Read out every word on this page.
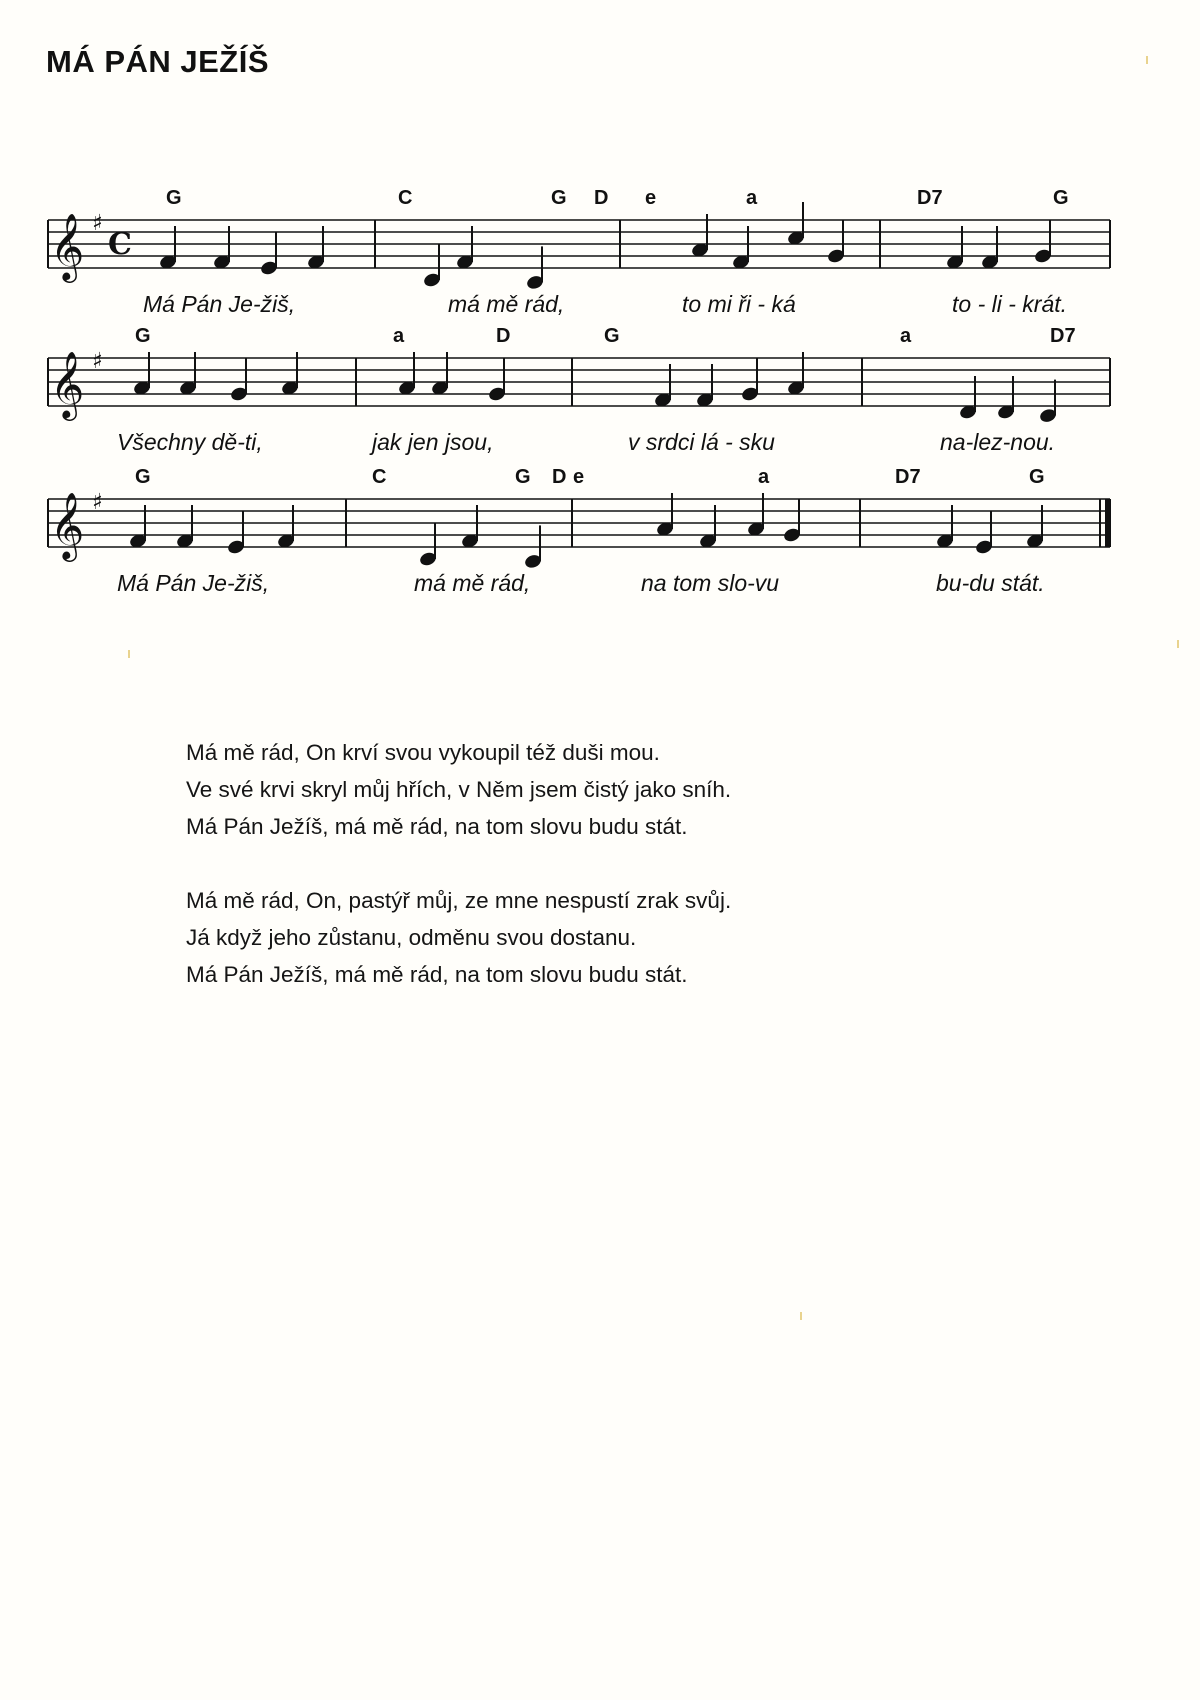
MÁ PÁN JEŽÍŠ
𝄞 ♯
C
G	C	G D e	a	D7	G
Má Pán Je-žiš,	má mě rád,	to mi ři - ká	to - li - krát.
𝄞 ♯
G	a	D	G	a	D7
Všechny dě-ti,	jak jen jsou,	v srdci lá - sku	na-lez-nou.
𝄞 ♯
G	C	G D e	a	D7	G
Má Pán Je-žiš,	má mě rád,	na tom slo-vu	bu-du stát.
Má mě rád, On krví svou vykoupil též duši mou.
Ve své krvi skryl můj hřích, v Něm jsem čistý jako sníh.
Má Pán Ježíš, má mě rád, na tom slovu budu stát.
Má mě rád, On, pastýř můj, ze mne nespustí zrak svůj.
Já když jeho zůstanu, odměnu svou dostanu.
Má Pán Ježíš, má mě rád, na tom slovu budu stát.
